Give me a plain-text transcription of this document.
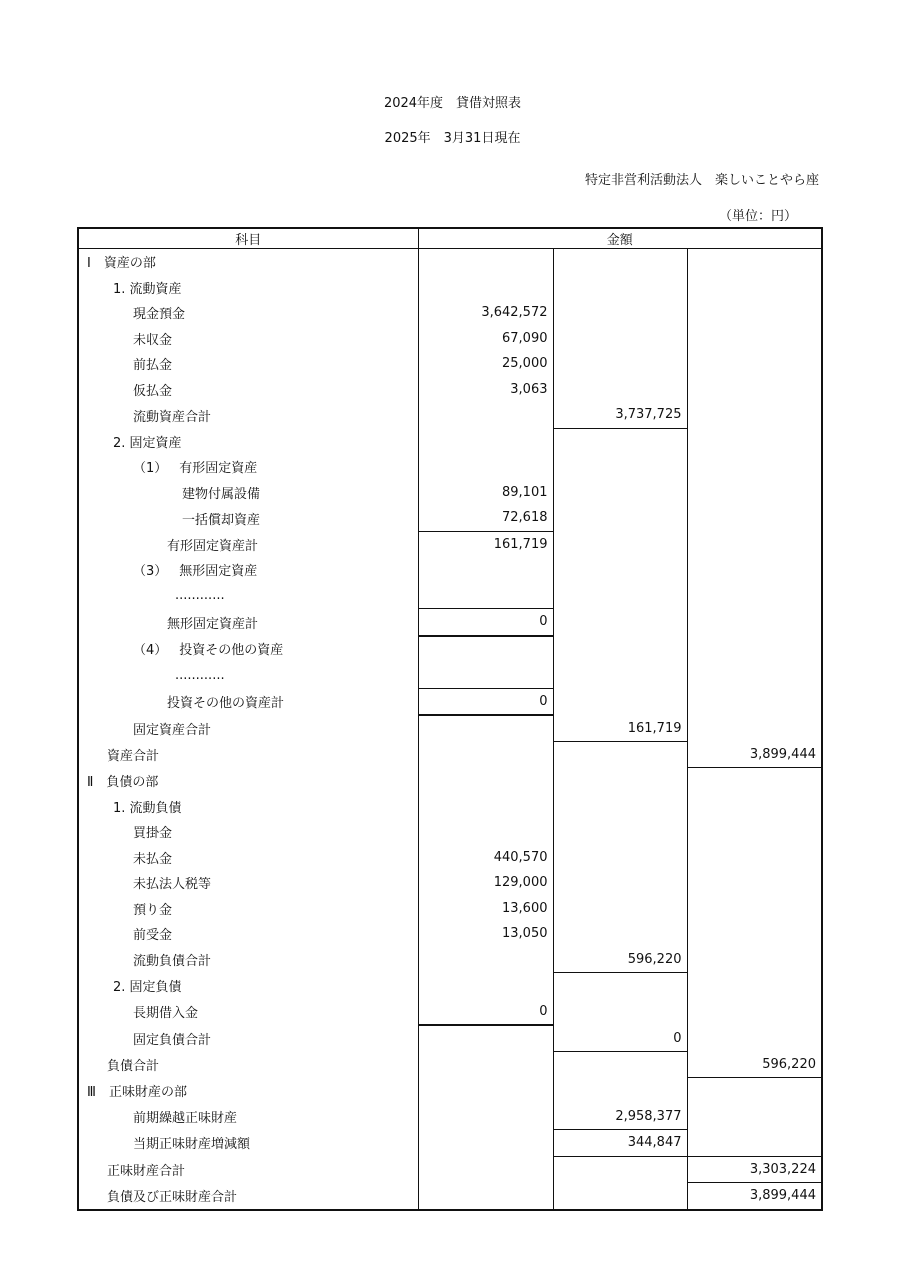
2024年度　貸借対照表
2025年　3月31日現在
特定非営利活動法人　楽しいことやら座
（単位：円）
科目	金額		
Ⅰ　資産の部			
1. 流動資産			
現金預金	3,642,572		
未収金	67,090		
前払金	25,000		
仮払金	3,063		
流動資産合計		3,737,725	
2. 固定資産			
（1） 有形固定資産			
建物付属設備	89,101		
一括償却資産	72,618		
有形固定資産計	161,719		
（3） 無形固定資産			
............			
無形固定資産計	0		
（4） 投資その他の資産			
............			
投資その他の資産計	0		
固定資産合計		161,719	
資産合計			3,899,444
Ⅱ　負債の部			
1. 流動負債			
買掛金			
未払金	440,570		
未払法人税等	129,000		
預り金	13,600		
前受金	13,050		
流動負債合計		596,220	
2. 固定負債			
長期借入金	0		
固定負債合計		0	
負債合計			596,220
Ⅲ　正味財産の部			
前期繰越正味財産		2,958,377	
当期正味財産増減額		344,847	
正味財産合計			3,303,224
負債及び正味財産合計			3,899,444
